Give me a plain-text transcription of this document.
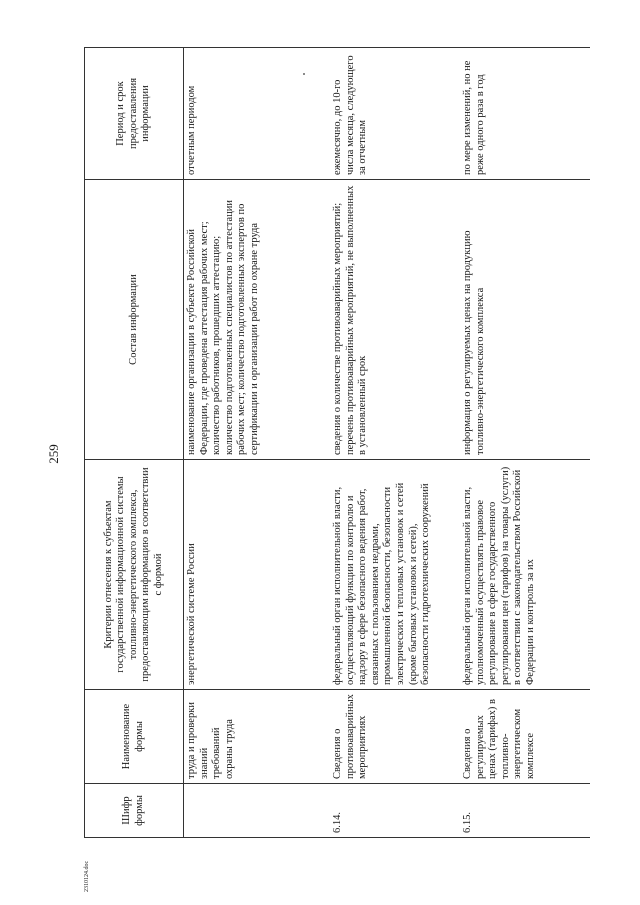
259
Шифр формы	Наименование формы	Критерии отнесения к субъектам государственной информационной системы топливно-энергетического комплекса, предоставляющим информацию в соответствии с формой	Состав информации	Период и срок предоставления информации
	труда и проверки знаний требований охраны труда	энергетической системе России	наименование организации в субъекте Российской Федерации, где проведена аттестация рабочих мест; количество работников, прошедших аттестацию; количество подготовленных специалистов по аттестации рабочих мест; количество подготовленных экспертов по сертификации и организации работ по охране труда	отчетным периодом
6.14.	Сведения о противоаварийных мероприятиях	федеральный орган исполнительной власти, осуществляющий функции по контролю и надзору в сфере безопасного ведения работ, связанных с пользованием недрами, промышленной безопасности, безопасности электрических и тепловых установок и сетей (кроме бытовых установок и сетей), безопасности гидротехнических сооружений	сведения о количестве противоаварийных мероприятий; перечень противоаварийных мероприятий, не выполненных в установленный срок	ежемесячно, до 10-го числа месяца, следующего за отчетным
6.15.	Сведения о регулируемых ценах (тарифах) в топливно-энергетическом комплексе	федеральный орган исполнительной власти, уполномоченный осуществлять правовое регулирование в сфере государственного регулирования цен (тарифов) на товары (услуги) в соответствии с законодательством Российской Федерации и контроль за их	информация о регулируемых ценах на продукцию топливно-энергетического комплекса	по мере изменений, но не реже одного раза в год
2310124.doc
